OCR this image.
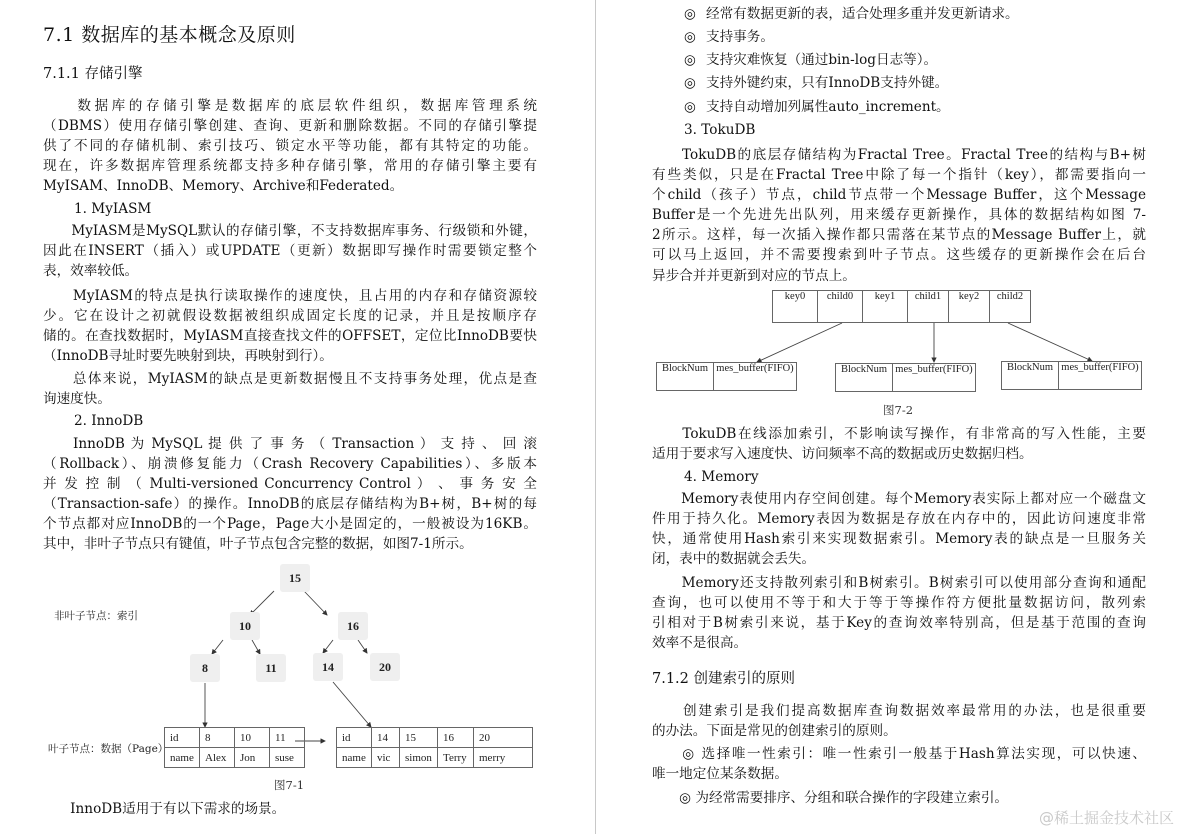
7.1 数据库的基本概念及原则
7.1.1 存储引擎
　　数据库的存储引擎是数据库的底层软件组织，数据库管理系统
（DBMS）使用存储引擎创建、查询、更新和删除数据。不同的存储引擎提
供了不同的存储机制、索引技巧、锁定水平等功能，都有其特定的功能。
现在，许多数据库管理系统都支持多种存储引擎，常用的存储引擎主要有
MyISAM、InnoDB、Memory、Archive和Federated。
1. MyIASM
　　MyIASM是MySQL默认的存储引擎，不支持数据库事务、行级锁和外键，
因此在INSERT（插入）或UPDATE（更新）数据即写操作时需要锁定整个
表，效率较低。
　　MyIASM的特点是执行读取操作的速度快，且占用的内存和存储资源较
少。它在设计之初就假设数据被组织成固定长度的记录，并且是按顺序存
储的。在查找数据时，MyIASM直接查找文件的OFFSET，定位比InnoDB要快
（InnoDB寻址时要先映射到块，再映射到行）。
　　总体来说，MyIASM的缺点是更新数据慢且不支持事务处理，优点是查
询速度快。
2. InnoDB
　　InnoDB 为 MySQL 提 供 了 事 务 （ Transaction ） 支 持 、 回 滚
（Rollback）、崩溃修复能力（Crash Recovery Capabilities）、多版本
并 发 控 制 （ Multi-versioned Concurrency Control ） 、 事 务 安 全
（Transaction-safe）的操作。InnoDB的底层存储结构为B+树，B+树的每
个节点都对应InnoDB的一个Page，Page大小是固定的，一般被设为16KB。
其中，非叶子节点只有键值，叶子节点包含完整的数据，如图7-1所示。
非叶子节点：索引
叶子节点：数据（Page）
15
10	16
8	11	14	20
id	8	10	11
name	Alex	Jon	suse
id	14	15	16	20
name	vic	simon	Terry	merry
图7-1
　　InnoDB适用于有以下需求的场景。
◎ 经常有数据更新的表，适合处理多重并发更新请求。
◎ 支持事务。
◎ 支持灾难恢复（通过bin-log日志等）。
◎ 支持外键约束，只有InnoDB支持外键。
◎ 支持自动增加列属性auto_increment。
3. TokuDB
　　TokuDB的底层存储结构为Fractal Tree。Fractal Tree的结构与B+树
有些类似，只是在Fractal Tree中除了每一个指针（key），都需要指向一
个child（孩子）节点，child节点带一个Message Buffer，这个Message
Buffer是一个先进先出队列，用来缓存更新操作，具体的数据结构如图 7-
2所示。这样，每一次插入操作都只需落在某节点的Message Buffer上，就
可以马上返回，并不需要搜索到叶子节点。这些缓存的更新操作会在后台
异步合并并更新到对应的节点上。
key0	child0	key1	child1	key2	child2
BlockNum	mes_buffer(FIFO)	BlockNum	mes_buffer(FIFO)	BlockNum	mes_buffer(FIFO)
图7-2
　　TokuDB在线添加索引，不影响读写操作，有非常高的写入性能，主要
适用于要求写入速度快、访问频率不高的数据或历史数据归档。
4. Memory
　　Memory表使用内存空间创建。每个Memory表实际上都对应一个磁盘文
件用于持久化。Memory表因为数据是存放在内存中的，因此访问速度非常
快，通常使用Hash索引来实现数据索引。Memory表的缺点是一旦服务关
闭，表中的数据就会丢失。
　　Memory还支持散列索引和B树索引。B树索引可以使用部分查询和通配
查询，也可以使用不等于和大于等于等操作符方便批量数据访问，散列索
引相对于B树索引来说，基于Key的查询效率特别高，但是基于范围的查询
效率不是很高。
7.1.2 创建索引的原则
　　创建索引是我们提高数据库查询数据效率最常用的办法，也是很重要
的办法。下面是常见的创建索引的原则。
　　◎ 选择唯一性索引：唯一性索引一般基于Hash算法实现，可以快速、
唯一地定位某条数据。
　　◎ 为经常需要排序、分组和联合操作的字段建立索引。
@稀土掘金技术社区
